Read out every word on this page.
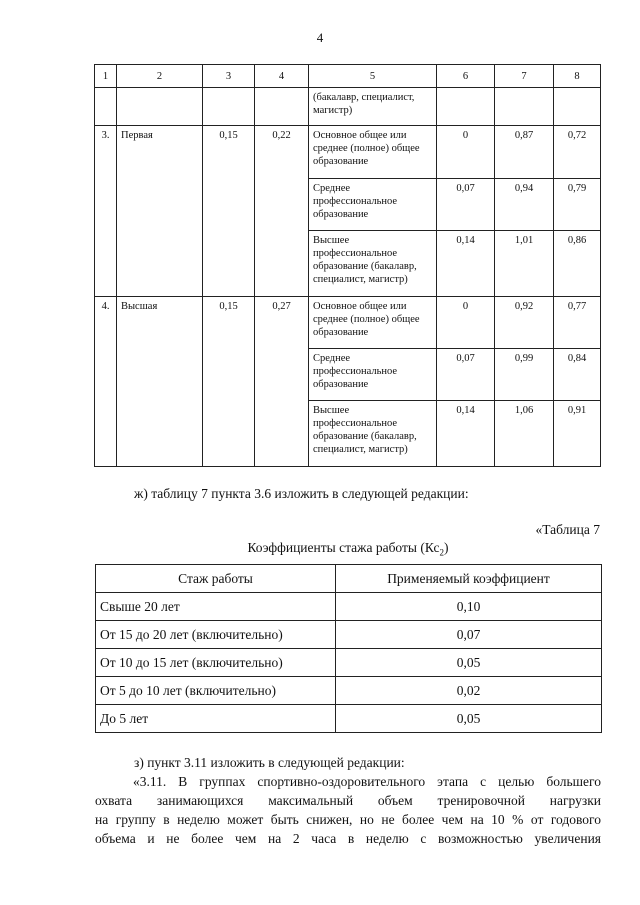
4
1	2	3	4	5	6	7	8
				(бакалавр, специалист, магистр)			
3.	Первая	0,15	0,22	Основное общее или среднее (полное) общее образование	0	0,87	0,72
				Среднее профессиональное образование	0,07	0,94	0,79
				Высшее профессиональное образование (бакалавр, специалист, магистр)	0,14	1,01	0,86
4.	Высшая	0,15	0,27	Основное общее или среднее (полное) общее образование	0	0,92	0,77
				Среднее профессиональное образование	0,07	0,99	0,84
				Высшее профессиональное образование (бакалавр, специалист, магистр)	0,14	1,06	0,91
ж) таблицу 7 пункта 3.6 изложить в следующей редакции:
«Таблица 7
Коэффициенты стажа работы $(Кс_2)$
Стаж работы	Применяемый коэффициент
Свыше 20 лет	0,10
От 15 до 20 лет (включительно)	0,07
От 10 до 15 лет (включительно)	0,05
От 5 до 10 лет (включительно)	0,02
До 5 лет	0,05
з) пункт 3.11 изложить в следующей редакции:
«3.11. В группах спортивно-оздоровительного этапа с целью большего
охвата занимающихся максимальный объем тренировочной нагрузки
на группу в неделю может быть снижен, но не более чем на 10 % от годового
объема и не более чем на 2 часа в неделю с возможностью увеличения
